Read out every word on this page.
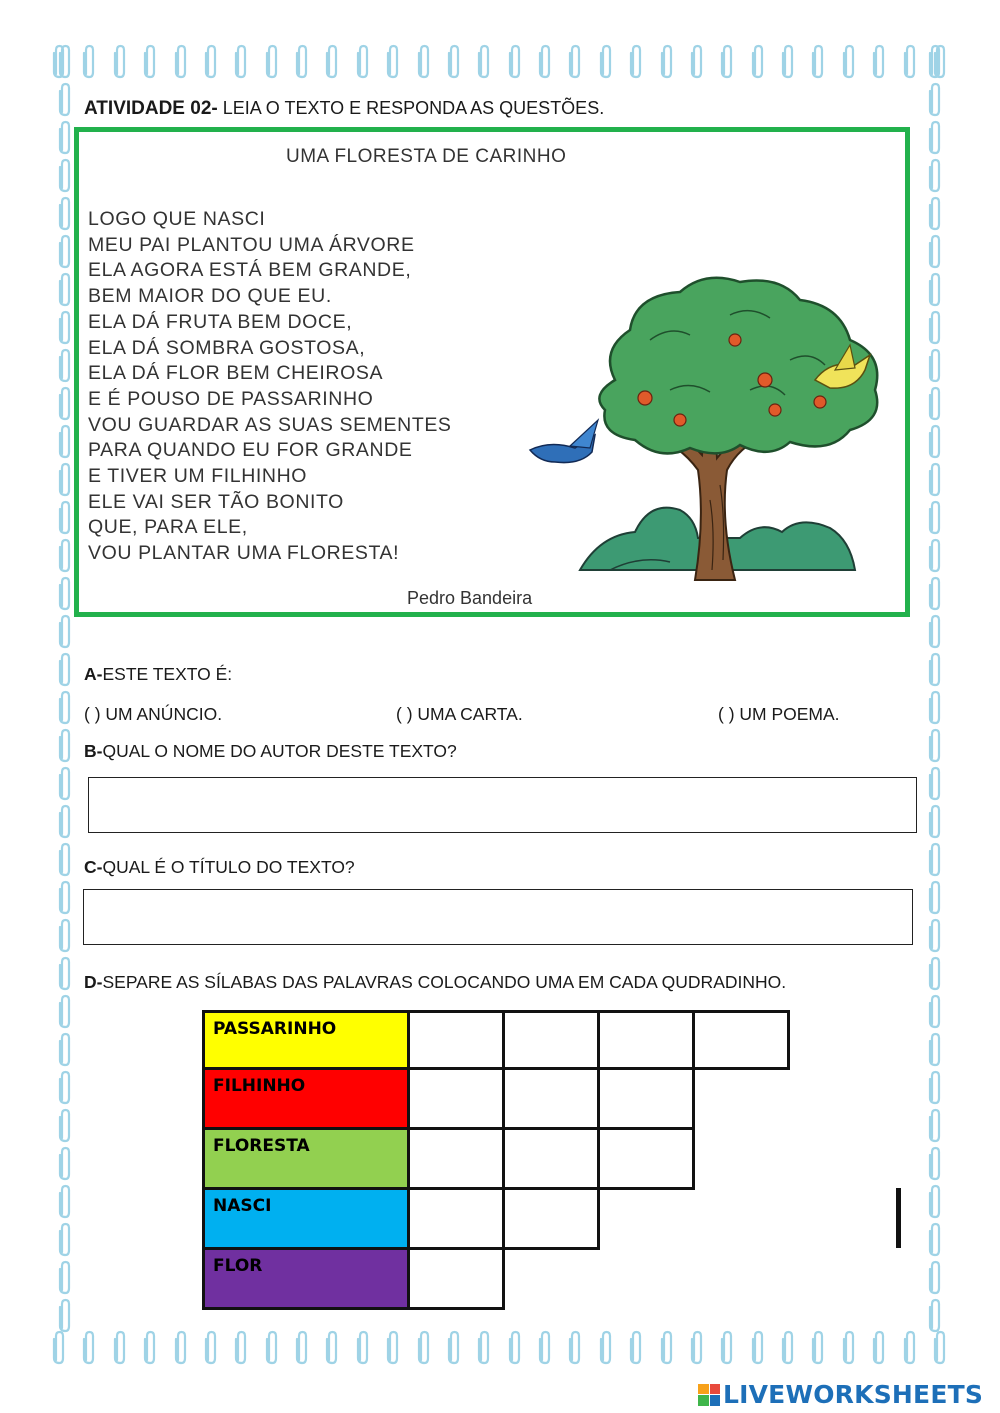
ATIVIDADE 02- LEIA O TEXTO E RESPONDA AS QUESTÕES.
UMA FLORESTA DE CARINHO
LOGO QUE NASCI
MEU PAI PLANTOU UMA ÁRVORE
ELA AGORA ESTÁ BEM GRANDE,
BEM MAIOR DO QUE EU.
ELA DÁ FRUTA BEM DOCE,
ELA DÁ SOMBRA GOSTOSA,
ELA DÁ FLOR BEM CHEIROSA
E É POUSO DE PASSARINHO
VOU GUARDAR AS SUAS SEMENTES
PARA QUANDO EU FOR GRANDE
E TIVER UM FILHINHO
ELE VAI SER TÃO BONITO
QUE, PARA ELE,
VOU PLANTAR UMA FLORESTA!
Pedro Bandeira
A-ESTE TEXTO É:
( ) UM ANÚNCIO.	( ) UMA CARTA.	( ) UM POEMA.
B-QUAL O NOME DO AUTOR DESTE TEXTO?
C-QUAL É O TÍTULO DO TEXTO?
D-SEPARE AS SÍLABAS DAS PALAVRAS COLOCANDO UMA EM CADA QUDRADINHO.
PASSARINHO
FILHINHO
FLORESTA
NASCI
FLOR
LIVEWORKSHEETS
